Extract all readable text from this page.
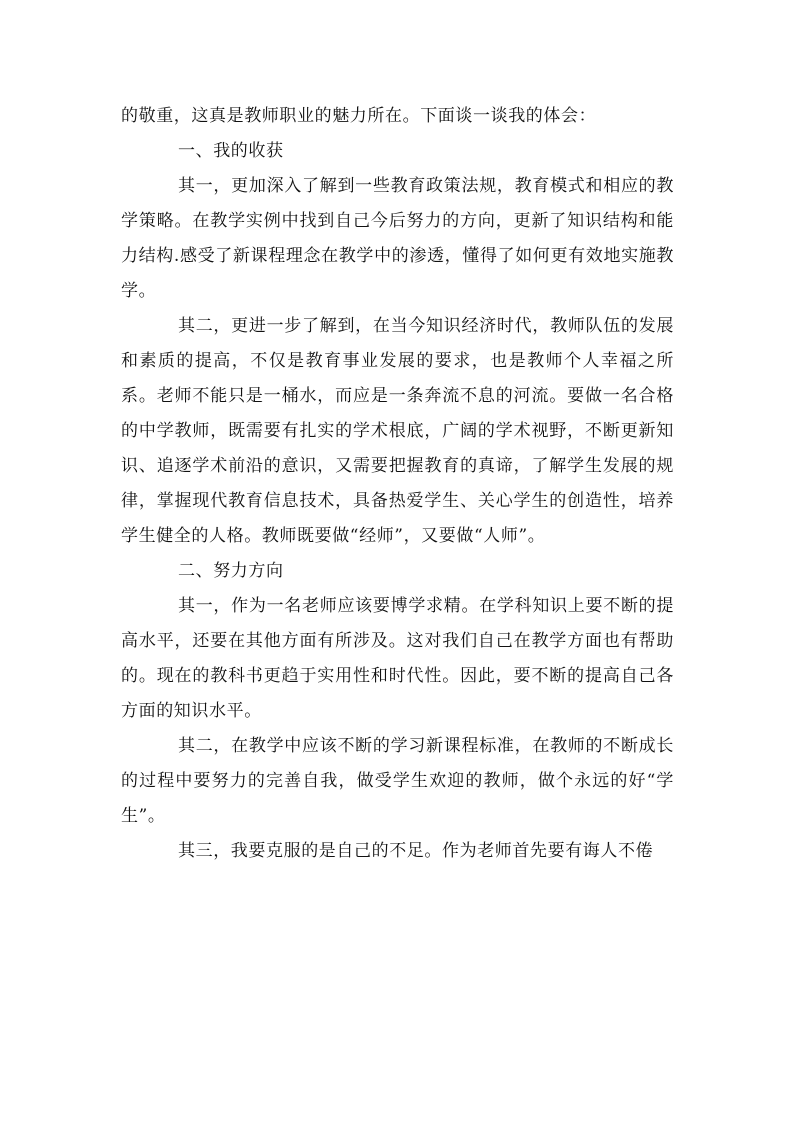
的敬重，这真是教师职业的魅力所在。下面谈一谈我的体会：

一、我的收获

其一，更加深入了解到一些教育政策法规，教育模式和相应的教学策略。在教学实例中找到自己今后努力的方向，更新了知识结构和能力结构.感受了新课程理念在教学中的渗透，懂得了如何更有效地实施教学。

其二，更进一步了解到，在当今知识经济时代，教师队伍的发展和素质的提高，不仅是教育事业发展的要求，也是教师个人幸福之所系。老师不能只是一桶水，而应是一条奔流不息的河流。要做一名合格的中学教师，既需要有扎实的学术根底，广阔的学术视野，不断更新知识、追逐学术前沿的意识，又需要把握教育的真谛，了解学生发展的规律，掌握现代教育信息技术，具备热爱学生、关心学生的创造性，培养学生健全的人格。教师既要做“经师”，又要做“人师”。

二、努力方向

其一，作为一名老师应该要博学求精。在学科知识上要不断的提高水平，还要在其他方面有所涉及。这对我们自己在教学方面也有帮助的。现在的教科书更趋于实用性和时代性。因此，要不断的提高自己各方面的知识水平。

其二，在教学中应该不断的学习新课程标准，在教师的不断成长的过程中要努力的完善自我，做受学生欢迎的教师，做个永远的好“学生”。

其三，我要克服的是自己的不足。作为老师首先要有诲人不倦
